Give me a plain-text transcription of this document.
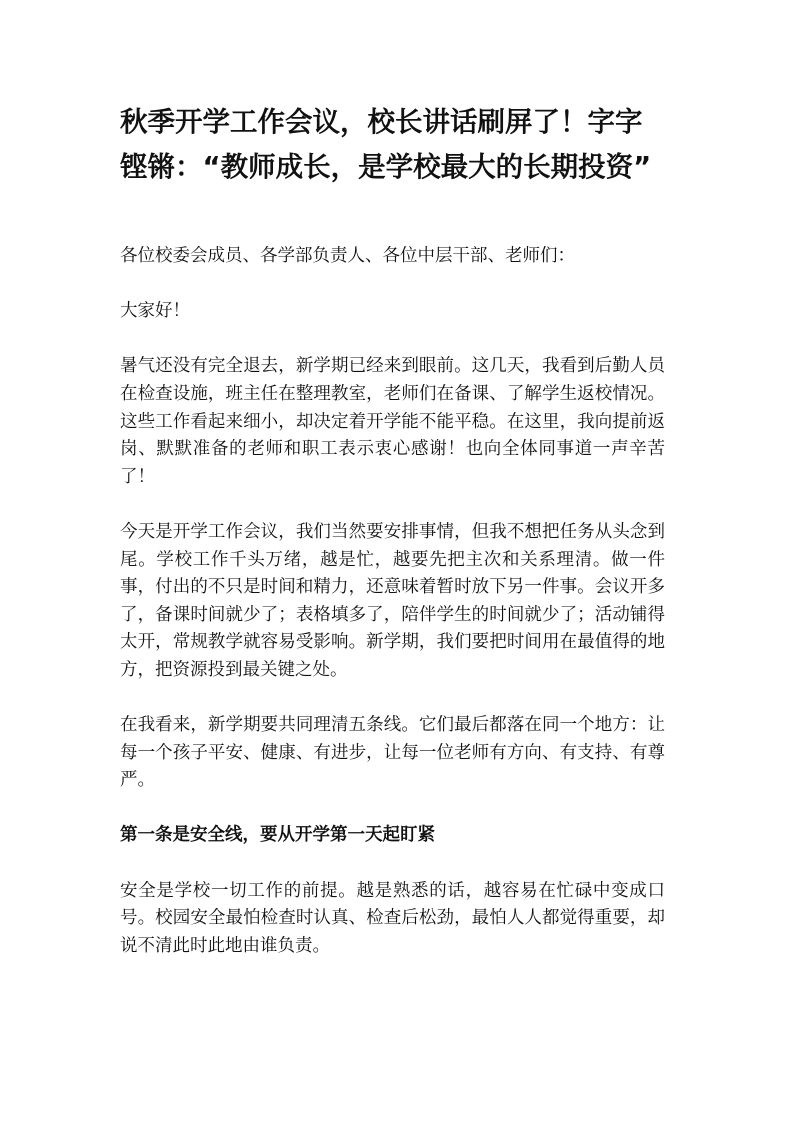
秋季开学工作会议，校长讲话刷屏了！字字铿锵：“教师成长，是学校最大的长期投资”

各位校委会成员、各学部负责人、各位中层干部、老师们：

大家好！

暑气还没有完全退去，新学期已经来到眼前。这几天，我看到后勤人员在检查设施，班主任在整理教室，老师们在备课、了解学生返校情况。这些工作看起来细小，却决定着开学能不能平稳。在这里，我向提前返岗、默默准备的老师和职工表示衷心感谢！也向全体同事道一声辛苦了！

今天是开学工作会议，我们当然要安排事情，但我不想把任务从头念到尾。学校工作千头万绪，越是忙，越要先把主次和关系理清。做一件事，付出的不只是时间和精力，还意味着暂时放下另一件事。会议开多了，备课时间就少了；表格填多了，陪伴学生的时间就少了；活动铺得太开，常规教学就容易受影响。新学期，我们要把时间用在最值得的地方，把资源投到最关键之处。

在我看来，新学期要共同理清五条线。它们最后都落在同一个地方：让每一个孩子平安、健康、有进步，让每一位老师有方向、有支持、有尊严。

第一条是安全线，要从开学第一天起盯紧

安全是学校一切工作的前提。越是熟悉的话，越容易在忙碌中变成口号。校园安全最怕检查时认真、检查后松劲，最怕人人都觉得重要，却说不清此时此地由谁负责。
